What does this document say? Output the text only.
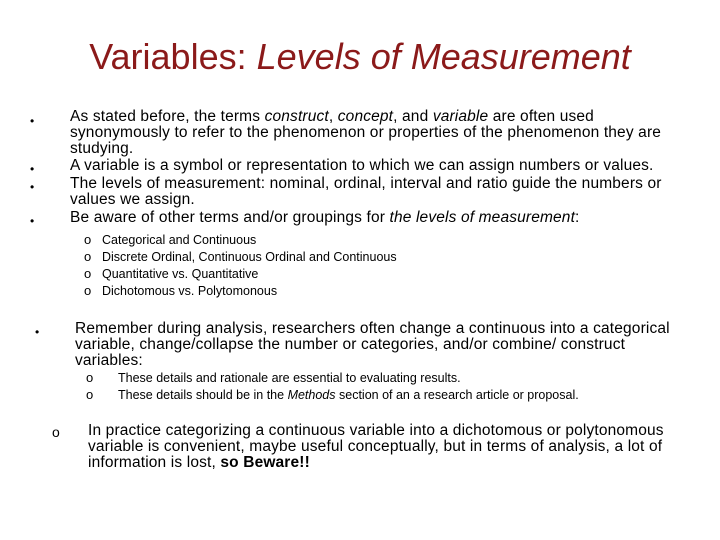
Variables: Levels of Measurement
• As stated before, the terms construct, concept, and variable are often used synonymously to refer to the phenomenon or properties of the phenomenon they are studying.
• A variable is a symbol or representation to which we can assign numbers or values.
• The levels of measurement: nominal, ordinal, interval and ratio guide the numbers or values we assign.
• Be aware of other terms and/or groupings for the levels of measurement:
o Categorical and Continuous
o Discrete Ordinal, Continuous Ordinal and Continuous
o Quantitative vs. Quantitative
o Dichotomous vs. Polytomonous
• Remember during analysis, researchers often change a continuous into a categorical variable, change/collapse the number or categories, and/or combine/ construct variables:
o These details and rationale are essential to evaluating results.
o These details should be in the Methods section of an a research article or proposal.
o In practice categorizing a continuous variable into a dichotomous or polytonomous variable is convenient, maybe useful conceptually, but in terms of analysis, a lot of information is lost, so Beware!!
